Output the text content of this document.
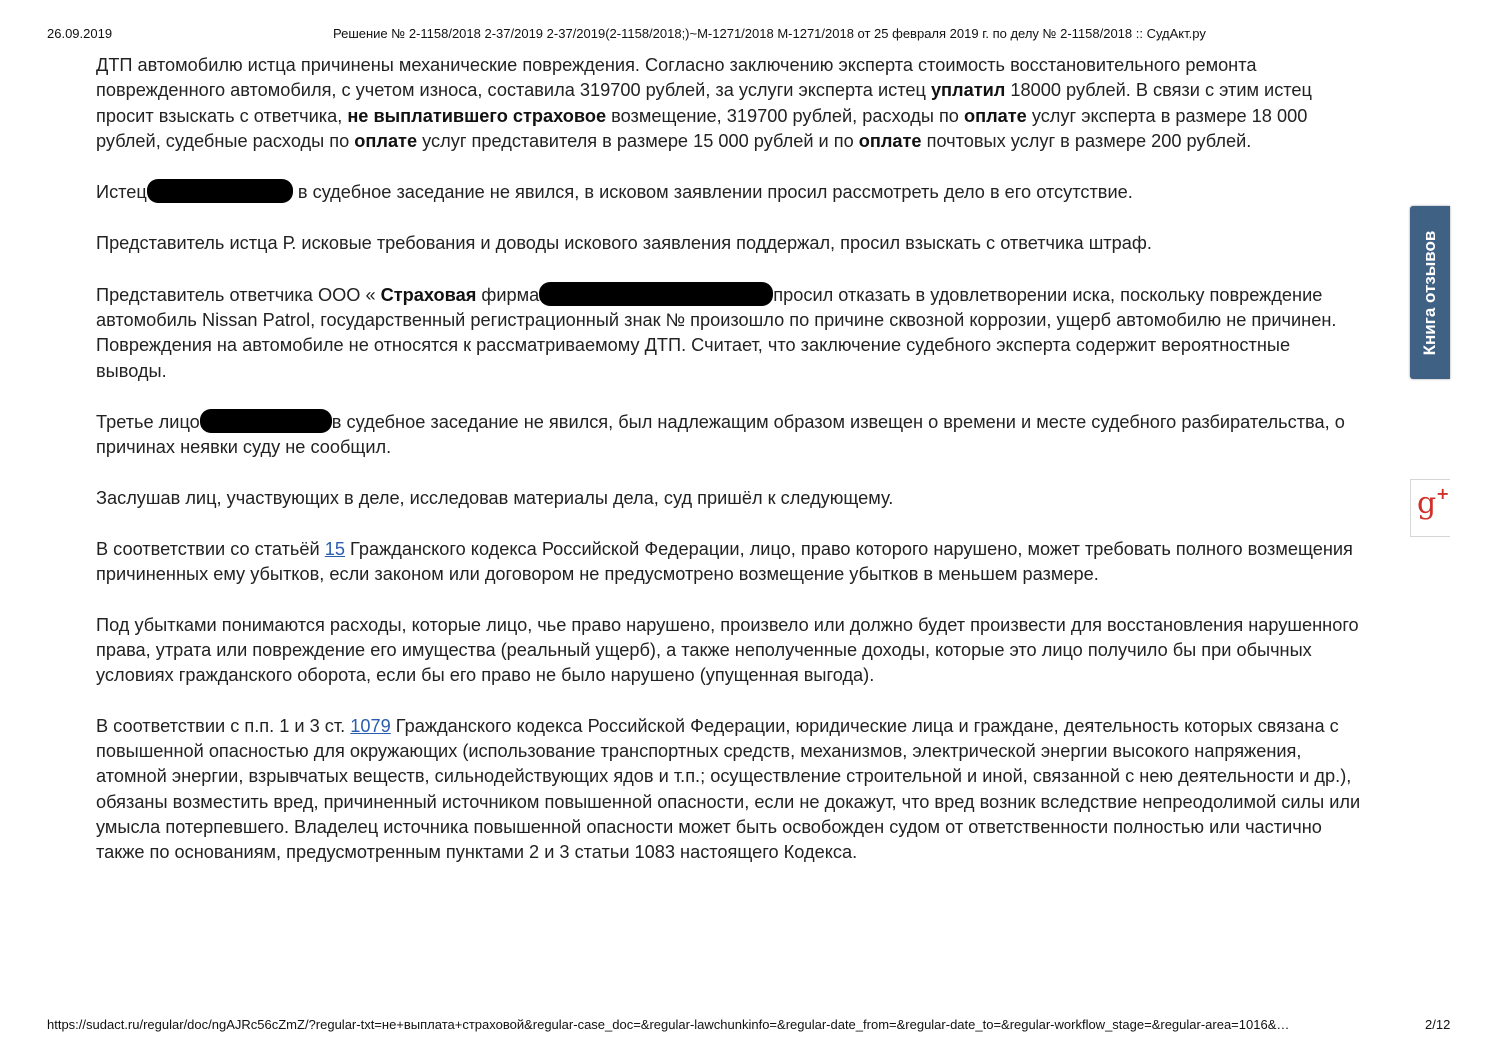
26.09.2019	Решение № 2-1158/2018 2-37/2019 2-37/2019(2-1158/2018;)~М-1271/2018 М-1271/2018 от 25 февраля 2019 г. по делу № 2-1158/2018 :: СудАкт.ру

ДТП автомобилю истца причинены механические повреждения. Согласно заключению эксперта стоимость восстановительного ремонта поврежденного автомобиля, с учетом износа, составила 319700 рублей, за услуги эксперта истец уплатил 18000 рублей. В связи с этим истец просит взыскать с ответчика, не выплатившего страховое возмещение, 319700 рублей, расходы по оплате услуг эксперта в размере 18 000 рублей, судебные расходы по оплате услуг представителя в размере 15 000 рублей и по оплате почтовых услуг в размере 200 рублей.

Истец	в судебное заседание не явился, в исковом заявлении просил рассмотреть дело в его отсутствие.

Представитель истца Р. исковые требования и доводы искового заявления поддержал, просил взыскать с ответчика штраф.

Представитель ответчика ООО « Страховая фирма	просил отказать в удовлетворении иска, поскольку повреждение автомобиль Nissan Patrol, государственный регистрационный знак № произошло по причине сквозной коррозии, ущерб автомобилю не причинен. Повреждения на автомобиле не относятся к рассматриваемому ДТП. Считает, что заключение судебного эксперта содержит вероятностные выводы.

Третье лицо	в судебное заседание не явился, был надлежащим образом извещен о времени и месте судебного разбирательства, о причинах неявки суду не сообщил.

Заслушав лиц, участвующих в деле, исследовав материалы дела, суд пришёл к следующему.

В соответствии со статьёй 15 Гражданского кодекса Российской Федерации, лицо, право которого нарушено, может требовать полного возмещения причиненных ему убытков, если законом или договором не предусмотрено возмещение убытков в меньшем размере.

Под убытками понимаются расходы, которые лицо, чье право нарушено, произвело или должно будет произвести для восстановления нарушенного права, утрата или повреждение его имущества (реальный ущерб), а также неполученные доходы, которые это лицо получило бы при обычных условиях гражданского оборота, если бы его право не было нарушено (упущенная выгода).

В соответствии с п.п. 1 и 3 ст. 1079 Гражданского кодекса Российской Федерации, юридические лица и граждане, деятельность которых связана с повышенной опасностью для окружающих (использование транспортных средств, механизмов, электрической энергии высокого напряжения, атомной энергии, взрывчатых веществ, сильнодействующих ядов и т.п.; осуществление строительной и иной, связанной с нею деятельности и др.), обязаны возместить вред, причиненный источником повышенной опасности, если не докажут, что вред возник вследствие непреодолимой силы или умысла потерпевшего. Владелец источника повышенной опасности может быть освобожден судом от ответственности полностью или частично также по основаниям, предусмотренным пунктами 2 и 3 статьи 1083 настоящего Кодекса.

Книга отзывов
g +
https://sudact.ru/regular/doc/ngAJRc56cZmZ/?regular-txt=не+выплата+страховой&regular-case_doc=&regular-lawchunkinfo=&regular-date_from=&regular-date_to=&regular-workflow_stage=&regular-area=1016&…	2/12
